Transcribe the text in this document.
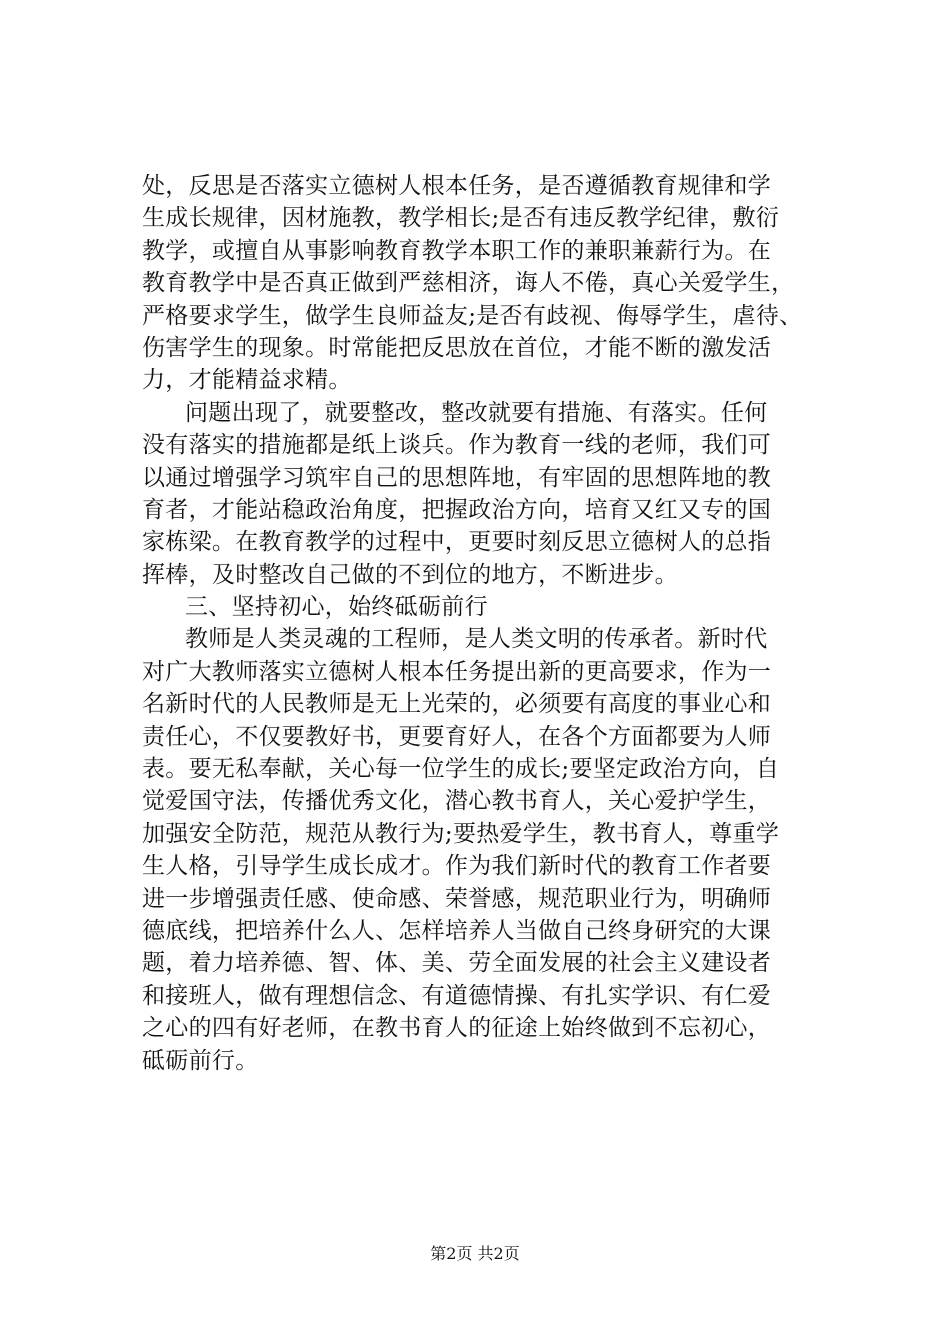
处，反思是否落实立德树人根本任务，是否遵循教育规律和学
生成长规律，因材施教，教学相长;是否有违反教学纪律，敷衍
教学，或擅自从事影响教育教学本职工作的兼职兼薪行为。在
教育教学中是否真正做到严慈相济，诲人不倦，真心关爱学生，
严格要求学生，做学生良师益友;是否有歧视、侮辱学生，虐待、
伤害学生的现象。时常能把反思放在首位，才能不断的激发活
力，才能精益求精。
问题出现了，就要整改，整改就要有措施、有落实。任何
没有落实的措施都是纸上谈兵。作为教育一线的老师，我们可
以通过增强学习筑牢自己的思想阵地，有牢固的思想阵地的教
育者，才能站稳政治角度，把握政治方向，培育又红又专的国
家栋梁。在教育教学的过程中，更要时刻反思立德树人的总指
挥棒，及时整改自己做的不到位的地方，不断进步。
三、坚持初心，始终砥砺前行
教师是人类灵魂的工程师，是人类文明的传承者。新时代
对广大教师落实立德树人根本任务提出新的更高要求，作为一
名新时代的人民教师是无上光荣的，必须要有高度的事业心和
责任心，不仅要教好书，更要育好人，在各个方面都要为人师
表。要无私奉献，关心每一位学生的成长;要坚定政治方向，自
觉爱国守法，传播优秀文化，潜心教书育人，关心爱护学生，
加强安全防范，规范从教行为;要热爱学生，教书育人，尊重学
生人格，引导学生成长成才。作为我们新时代的教育工作者要
进一步增强责任感、使命感、荣誉感，规范职业行为，明确师
德底线，把培养什么人、怎样培养人当做自己终身研究的大课
题，着力培养德、智、体、美、劳全面发展的社会主义建设者
和接班人，做有理想信念、有道德情操、有扎实学识、有仁爱
之心的四有好老师，在教书育人的征途上始终做到不忘初心，
砥砺前行。
第2页 共2页
